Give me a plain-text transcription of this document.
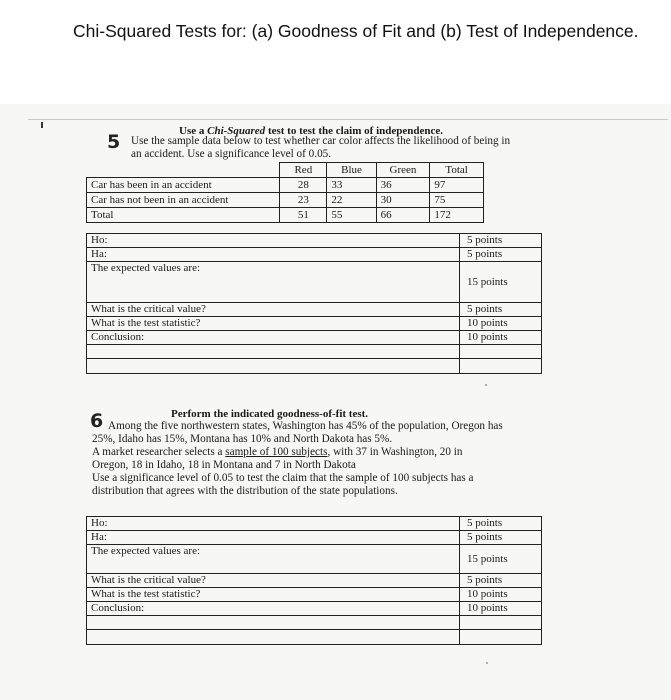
Chi-Squared Tests for: (a) Goodness of Fit and (b) Test of Independence.
Use a Chi-Squared test to test the claim of independence.
5 Use the sample data below to test whether car color affects the likelihood of being in
an accident. Use a significance level of 0.05.
	Red	Blue	Green	Total
Car has been in an accident	28	33	36	97
Car has not been in an accident	23	22	30	75
Total	51	55	66	172
Ho:	5 points
Ha:	5 points
The expected values are:	15 points
What is the critical value?	5 points
What is the test statistic?	10 points
Conclusion:	10 points

Perform the indicated goodness-of-fit test.
6 Among the five northwestern states, Washington has 45% of the population, Oregon has
25%, Idaho has 15%, Montana has 10% and North Dakota has 5%.
A market researcher selects a sample of 100 subjects, with 37 in Washington, 20 in
Oregon, 18 in Idaho, 18 in Montana and 7 in North Dakota
Use a significance level of 0.05 to test the claim that the sample of 100 subjects has a
distribution that agrees with the distribution of the state populations.
Ho:	5 points
Ha:	5 points
The expected values are:	15 points
What is the critical value?	5 points
What is the test statistic?	10 points
Conclusion:	10 points
